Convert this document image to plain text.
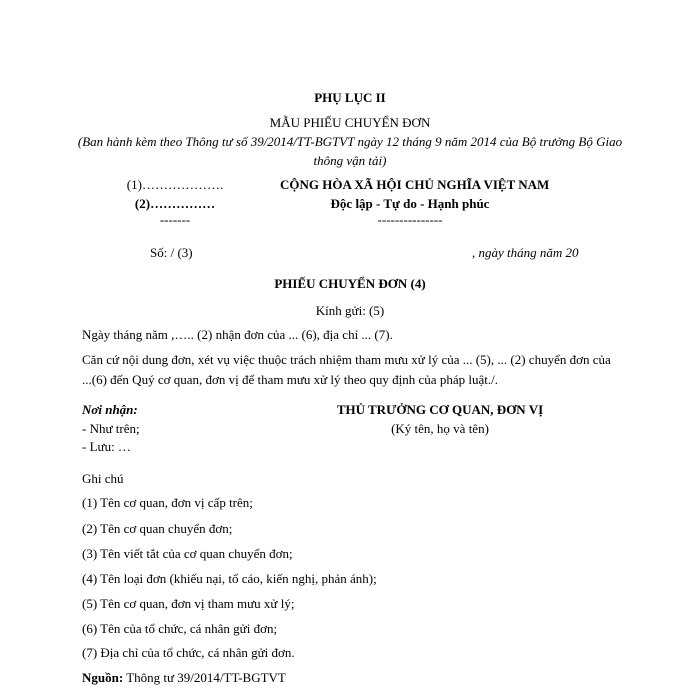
PHỤ LỤC II
MẪU PHIẾU CHUYỂN ĐƠN
(Ban hành kèm theo Thông tư số 39/2014/TT-BGTVT ngày 12 tháng 9 năm 2014 của Bộ trưởng Bộ Giao thông vận tải)
(1)……………….
(2)……………
-------
CỘNG HÒA XÃ HỘI CHỦ NGHĨA VIỆT NAM
Độc lập - Tự do - Hạnh phúc
---------------
Số: / (3)	, ngày tháng năm 20
PHIẾU CHUYỂN ĐƠN (4)
Kính gửi: (5)
Ngày tháng năm ,….. (2) nhận đơn của ... (6), địa chỉ ... (7).
Căn cứ nội dung đơn, xét vụ việc thuộc trách nhiệm tham mưu xử lý của ... (5), ... (2) chuyển đơn của ...(6) đến Quý cơ quan, đơn vị để tham mưu xử lý theo quy định của pháp luật./.
Nơi nhận:
- Như trên;
- Lưu: …
THỦ TRƯỞNG CƠ QUAN, ĐƠN VỊ
(Ký tên, họ và tên)
Ghi chú
(1) Tên cơ quan, đơn vị cấp trên;
(2) Tên cơ quan chuyển đơn;
(3) Tên viết tắt của cơ quan chuyển đơn;
(4) Tên loại đơn (khiếu nại, tố cáo, kiến nghị, phản ánh);
(5) Tên cơ quan, đơn vị tham mưu xử lý;
(6) Tên của tổ chức, cá nhân gửi đơn;
(7) Địa chỉ của tổ chức, cá nhân gửi đơn.
Nguồn: Thông tư 39/2014/TT-BGTVT
